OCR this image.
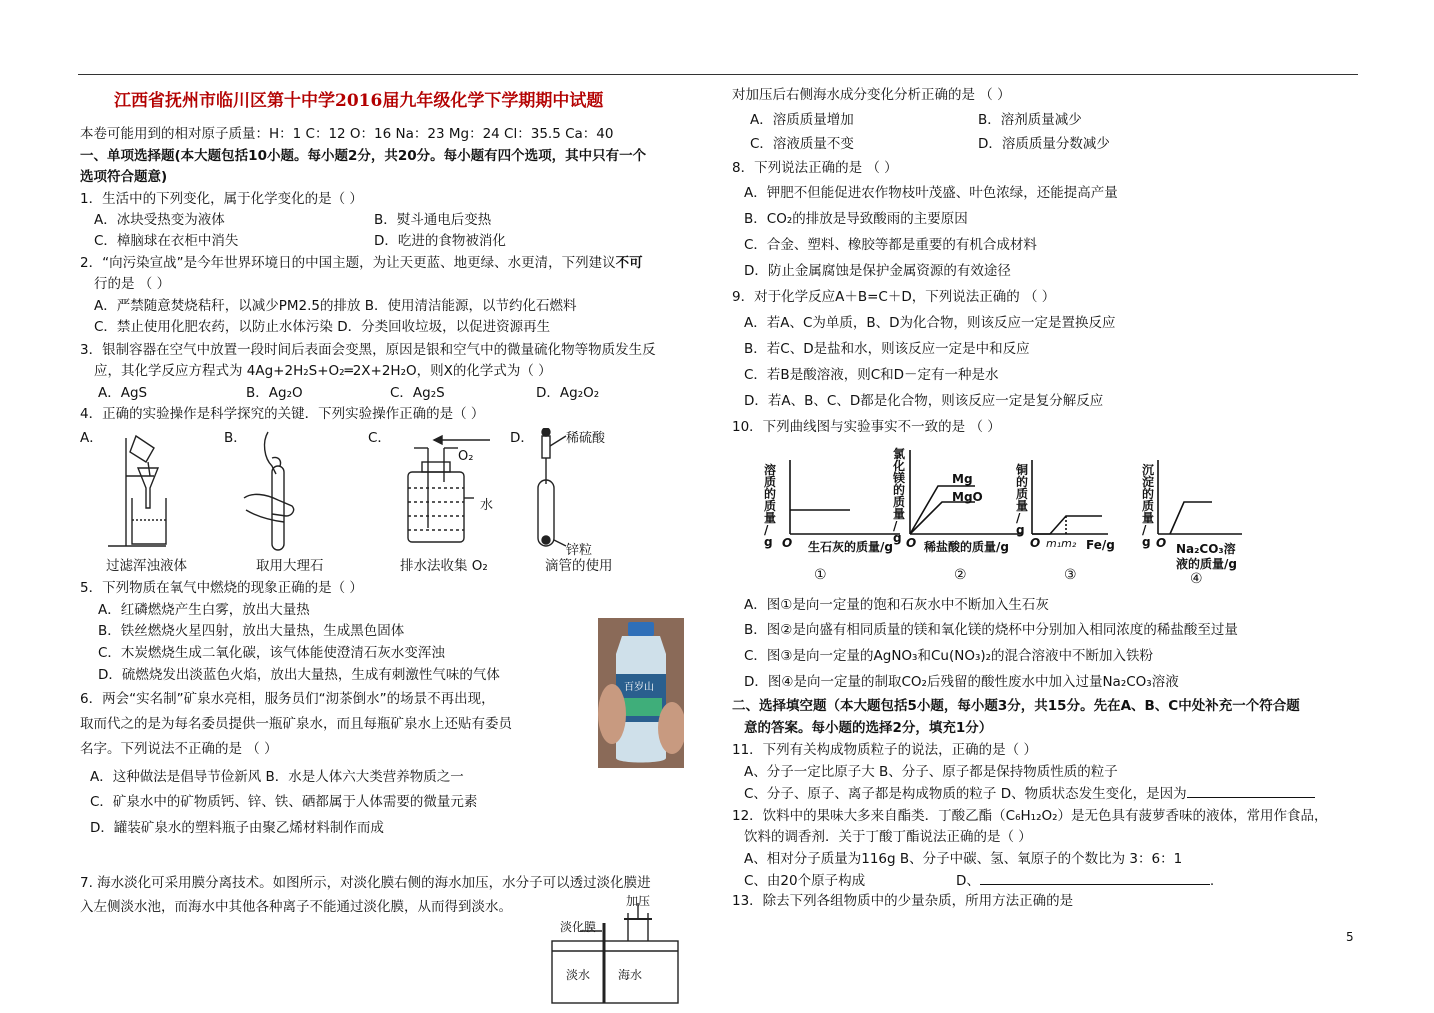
江西省抚州市临川区第十中学2016届九年级化学下学期期中试题
本卷可能用到的相对原子质量：H：1 C：12 O：16 Na：23 Mg：24 Cl：35.5 Ca：40
一、单项选择题(本大题包括10小题。每小题2分，共20分。每小题有四个选项，其中只有一个
选项符合题意)
1．生活中的下列变化，属于化学变化的是（ ）
A．冰块受热变为液体	B．熨斗通电后变热
C．樟脑球在衣柜中消失	D．吃进的食物被消化
2．“向污染宣战”是今年世界环境日的中国主题，为让天更蓝、地更绿、水更清，下列建议不可
行的是 （ ）
A．严禁随意焚烧秸秆，以减少PM2.5的排放 B．使用清洁能源，以节约化石燃料
C．禁止使用化肥农药，以防止水体污染 D．分类回收垃圾，以促进资源再生
3．银制容器在空气中放置一段时间后表面会变黑，原因是银和空气中的微量硫化物等物质发生反
应，其化学反应方程式为 4Ag+2H₂S+O₂═2X+2H₂O，则X的化学式为（ ）
A．AgS	B．Ag₂O	C．Ag₂S	D．Ag₂O₂
4．正确的实验操作是科学探究的关键．下列实验操作正确的是（ ）
A．	B．	C．	D．
过滤浑浊液体	取用大理石	排水法收集 O₂	滴管的使用
5．下列物质在氧气中燃烧的现象正确的是（ ）
A．红磷燃烧产生白雾，放出大量热
B．铁丝燃烧火星四射，放出大量热，生成黑色固体
C．木炭燃烧生成二氧化碳，该气体能使澄清石灰水变浑浊
D．硫燃烧发出淡蓝色火焰，放出大量热，生成有刺激性气味的气体
6．两会“实名制”矿泉水亮相，服务员们“沏茶倒水”的场景不再出现，
取而代之的是为每名委员提供一瓶矿泉水，而且每瓶矿泉水上还贴有委员
名字。下列说法不正确的是 （ ）
A．这种做法是倡导节俭新风 B．水是人体六大类营养物质之一
C．矿泉水中的矿物质钙、锌、铁、硒都属于人体需要的微量元素
D．罐装矿泉水的塑料瓶子由聚乙烯材料制作而成
7. 海水淡化可采用膜分离技术。如图所示，对淡化膜右侧的海水加压，水分子可以透过淡化膜进
入左侧淡水池，而海水中其他各种离子不能通过淡化膜，从而得到淡水。
O₂
水
稀硫酸
锌粒
百岁山
淡化膜
加压
淡水 海水
对加压后右侧海水成分变化分析正确的是 （ ）
A．溶质质量增加	B．溶剂质量减少
C．溶液质量不变	D．溶质质量分数减少
8．下列说法正确的是 （ ）
A．钾肥不但能促进农作物枝叶茂盛、叶色浓绿，还能提高产量
B．CO₂的排放是导致酸雨的主要原因
C．合金、塑料、橡胶等都是重要的有机合成材料
D．防止金属腐蚀是保护金属资源的有效途径
9．对于化学反应A＋B=C＋D，下列说法正确的 （ ）
A．若A、C为单质，B、D为化合物，则该反应一定是置换反应
B．若C、D是盐和水，则该反应一定是中和反应
C．若B是酸溶液，则C和D－定有一种是水
D．若A、B、C、D都是化合物，则该反应一定是复分解反应
10．下列曲线图与实验事实不一致的是 （ ）
A．图①是向一定量的饱和石灰水中不断加入生石灰
B．图②是向盛有相同质量的镁和氧化镁的烧杯中分别加入相同浓度的稀盐酸至过量
C．图③是向一定量的AgNO₃和Cu(NO₃)₂的混合溶液中不断加入铁粉
D．图④是向一定量的制取CO₂后残留的酸性废水中加入过量Na₂CO₃溶液
二、选择填空题（本大题包括5小题，每小题3分，共15分。先在A、B、C中处补充一个符合题
意的答案。每小题的选择2分，填充1分）
11．下列有关构成物质粒子的说法，正确的是（ ）
A、分子一定比原子大 B、分子、原子都是保持物质性质的粒子
C、分子、原子、离子都是构成物质的粒子 D、物质状态发生变化，是因为
12．饮料中的果味大多来自酯类．丁酸乙酯（C₆H₁₂O₂）是无色具有菠萝香味的液体，常用作食品，
饮料的调香剂．关于丁酸丁酯说法正确的是（ ）
A、相对分子质量为116g B、分子中碳、氢、氧原子的个数比为 3：6：1
C、由20个原子构成	D、	.
13．除去下列各组物质中的少量杂质，所用方法正确的是
溶
质
的
质
量
/
g O 生石灰的质量/g
①
氯
化
镁
的
质
量
/
g
Mg
MgO
O 稀盐酸的质量/g
②
铜
的
质
量
/
g
O m₁m₂ Fe/g
③
沉
淀
的
质
量
/
g O Na₂CO₃溶
液的质量/g
④
5
